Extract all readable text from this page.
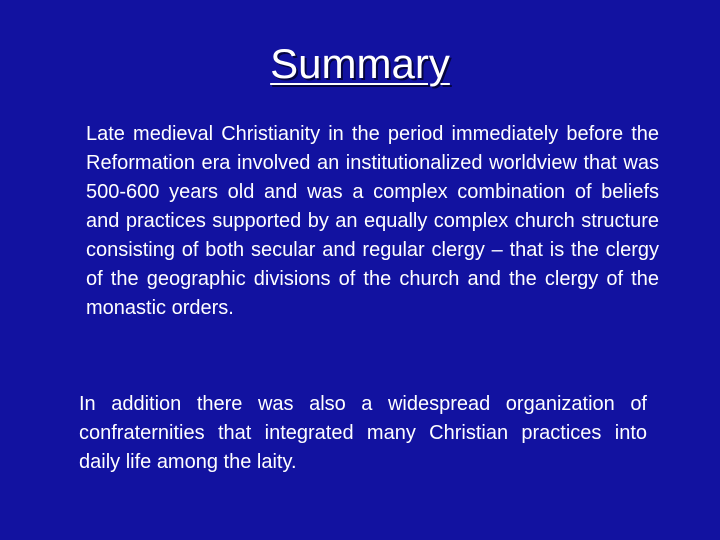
Summary
Late medieval Christianity in the period immediately before the Reformation era involved an institutionalized worldview that was 500-600 years old and was a complex combination of beliefs and practices supported by an equally complex church structure consisting of both secular and regular clergy – that is the clergy of the geographic divisions of the church and the clergy of the monastic orders.
In addition there was also a widespread organization of confraternities that integrated many Christian practices into daily life among the laity.
